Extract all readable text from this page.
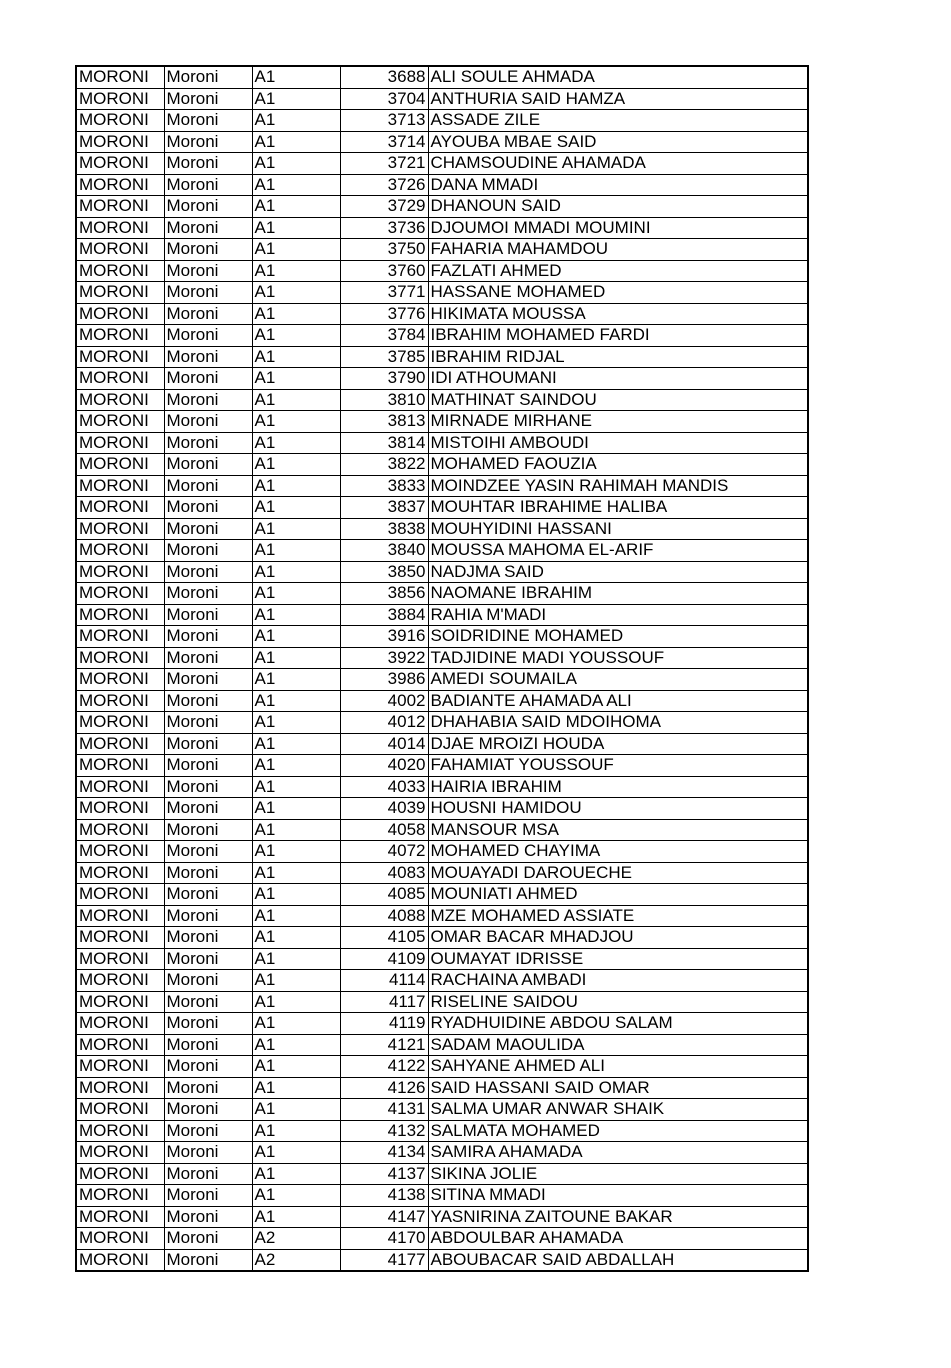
MORONI	Moroni	A1	3688	ALI SOULE AHMADA
MORONI	Moroni	A1	3704	ANTHURIA SAID HAMZA
MORONI	Moroni	A1	3713	ASSADE ZILE
MORONI	Moroni	A1	3714	AYOUBA MBAE SAID
MORONI	Moroni	A1	3721	CHAMSOUDINE AHAMADA
MORONI	Moroni	A1	3726	DANA MMADI
MORONI	Moroni	A1	3729	DHANOUN SAID
MORONI	Moroni	A1	3736	DJOUMOI MMADI MOUMINI
MORONI	Moroni	A1	3750	FAHARIA MAHAMDOU
MORONI	Moroni	A1	3760	FAZLATI AHMED
MORONI	Moroni	A1	3771	HASSANE MOHAMED
MORONI	Moroni	A1	3776	HIKIMATA MOUSSA
MORONI	Moroni	A1	3784	IBRAHIM MOHAMED FARDI
MORONI	Moroni	A1	3785	IBRAHIM RIDJAL
MORONI	Moroni	A1	3790	IDI ATHOUMANI
MORONI	Moroni	A1	3810	MATHINAT SAINDOU
MORONI	Moroni	A1	3813	MIRNADE MIRHANE
MORONI	Moroni	A1	3814	MISTOIHI AMBOUDI
MORONI	Moroni	A1	3822	MOHAMED FAOUZIA
MORONI	Moroni	A1	3833	MOINDZEE YASIN RAHIMAH MANDIS
MORONI	Moroni	A1	3837	MOUHTAR IBRAHIME HALIBA
MORONI	Moroni	A1	3838	MOUHYIDINI HASSANI
MORONI	Moroni	A1	3840	MOUSSA MAHOMA EL-ARIF
MORONI	Moroni	A1	3850	NADJMA SAID
MORONI	Moroni	A1	3856	NAOMANE IBRAHIM
MORONI	Moroni	A1	3884	RAHIA M'MADI
MORONI	Moroni	A1	3916	SOIDRIDINE MOHAMED
MORONI	Moroni	A1	3922	TADJIDINE MADI YOUSSOUF
MORONI	Moroni	A1	3986	AMEDI SOUMAILA
MORONI	Moroni	A1	4002	BADIANTE AHAMADA ALI
MORONI	Moroni	A1	4012	DHAHABIA SAID MDOIHOMA
MORONI	Moroni	A1	4014	DJAE MROIZI HOUDA
MORONI	Moroni	A1	4020	FAHAMIAT YOUSSOUF
MORONI	Moroni	A1	4033	HAIRIA IBRAHIM
MORONI	Moroni	A1	4039	HOUSNI HAMIDOU
MORONI	Moroni	A1	4058	MANSOUR MSA
MORONI	Moroni	A1	4072	MOHAMED CHAYIMA
MORONI	Moroni	A1	4083	MOUAYADI DAROUECHE
MORONI	Moroni	A1	4085	MOUNIATI AHMED
MORONI	Moroni	A1	4088	MZE MOHAMED ASSIATE
MORONI	Moroni	A1	4105	OMAR BACAR MHADJOU
MORONI	Moroni	A1	4109	OUMAYAT IDRISSE
MORONI	Moroni	A1	4114	RACHAINA AMBADI
MORONI	Moroni	A1	4117	RISELINE SAIDOU
MORONI	Moroni	A1	4119	RYADHUIDINE ABDOU SALAM
MORONI	Moroni	A1	4121	SADAM MAOULIDA
MORONI	Moroni	A1	4122	SAHYANE AHMED ALI
MORONI	Moroni	A1	4126	SAID HASSANI SAID OMAR
MORONI	Moroni	A1	4131	SALMA UMAR ANWAR SHAIK
MORONI	Moroni	A1	4132	SALMATA MOHAMED
MORONI	Moroni	A1	4134	SAMIRA AHAMADA
MORONI	Moroni	A1	4137	SIKINA JOLIE
MORONI	Moroni	A1	4138	SITINA MMADI
MORONI	Moroni	A1	4147	YASNIRINA ZAITOUNE BAKAR
MORONI	Moroni	A2	4170	ABDOULBAR AHAMADA
MORONI	Moroni	A2	4177	ABOUBACAR SAID ABDALLAH
